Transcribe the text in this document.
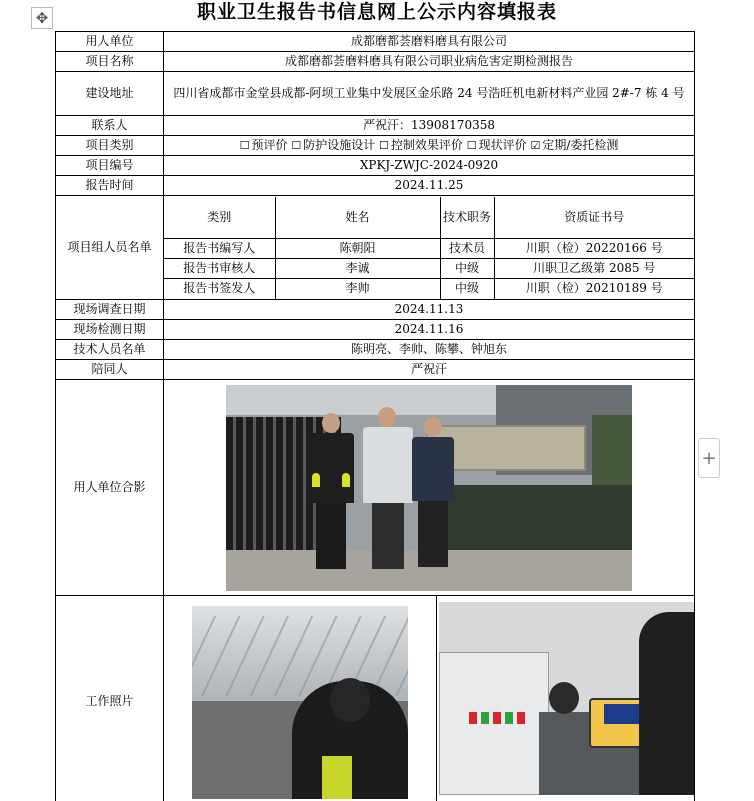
✥
+
职业卫生报告书信息网上公示内容填报表
用人单位	成都磨都荟磨料磨具有限公司
项目名称	成都磨都荟磨料磨具有限公司职业病危害定期检测报告
建设地址	四川省成都市金堂县成都-阿坝工业集中发展区金乐路 24 号浩旺机电新材料产业园 2#-7 栋 4 号
联系人	严祝汗：13908170358
项目类别	☐ 预评价 ☐ 防护设施设计 ☐ 控制效果评价 ☐ 现状评价 ☑ 定期/委托检测
项目编号	XPKJ-ZWJC-2024-0920
报告时间	2024.11.25
项目组人员名单	
类别	姓名	技术职务	资质证书号
报告书编写人	陈朝阳	技术员	川职（检）20220166 号
报告书审核人	李诚	中级	川职卫乙级第 2085 号
报告书签发人	李帅	中级	川职（检）20210189 号

现场调查日期	2024.11.13
现场检测日期	2024.11.16
技术人员名单	陈明亮、李帅、陈攀、钟旭东
陪同人	严祝汗
用人单位合影	

工作照片	
